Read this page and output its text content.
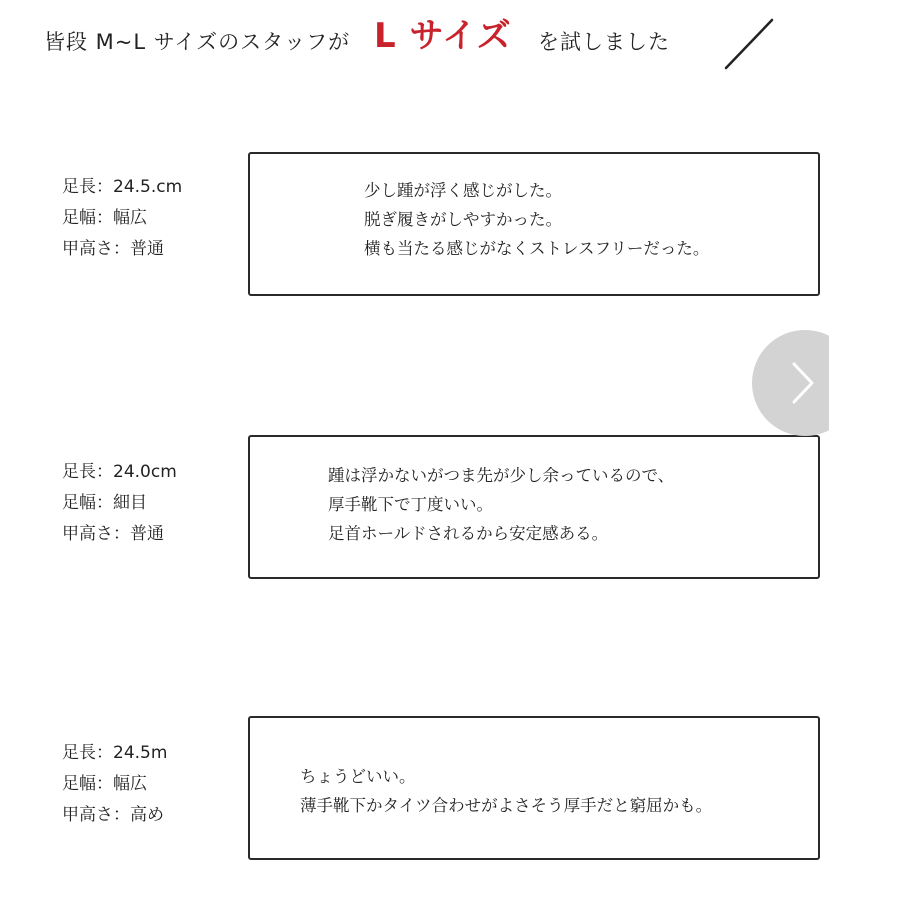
皆段 M~L サイズのスタッフが L サイズ を試しました
足長：24.5.cm
足幅：幅広
甲高さ：普通
少し踵が浮く感じがした。
脱ぎ履きがしやすかった。
横も当たる感じがなくストレスフリーだった。
足長：24.0cm
足幅：細目
甲高さ：普通
踵は浮かないがつま先が少し余っているので、
厚手靴下で丁度いい。
足首ホールドされるから安定感ある。
足長：24.5m
足幅：幅広
甲高さ：高め
ちょうどいい。
薄手靴下かタイツ合わせがよさそう厚手だと窮屈かも。
